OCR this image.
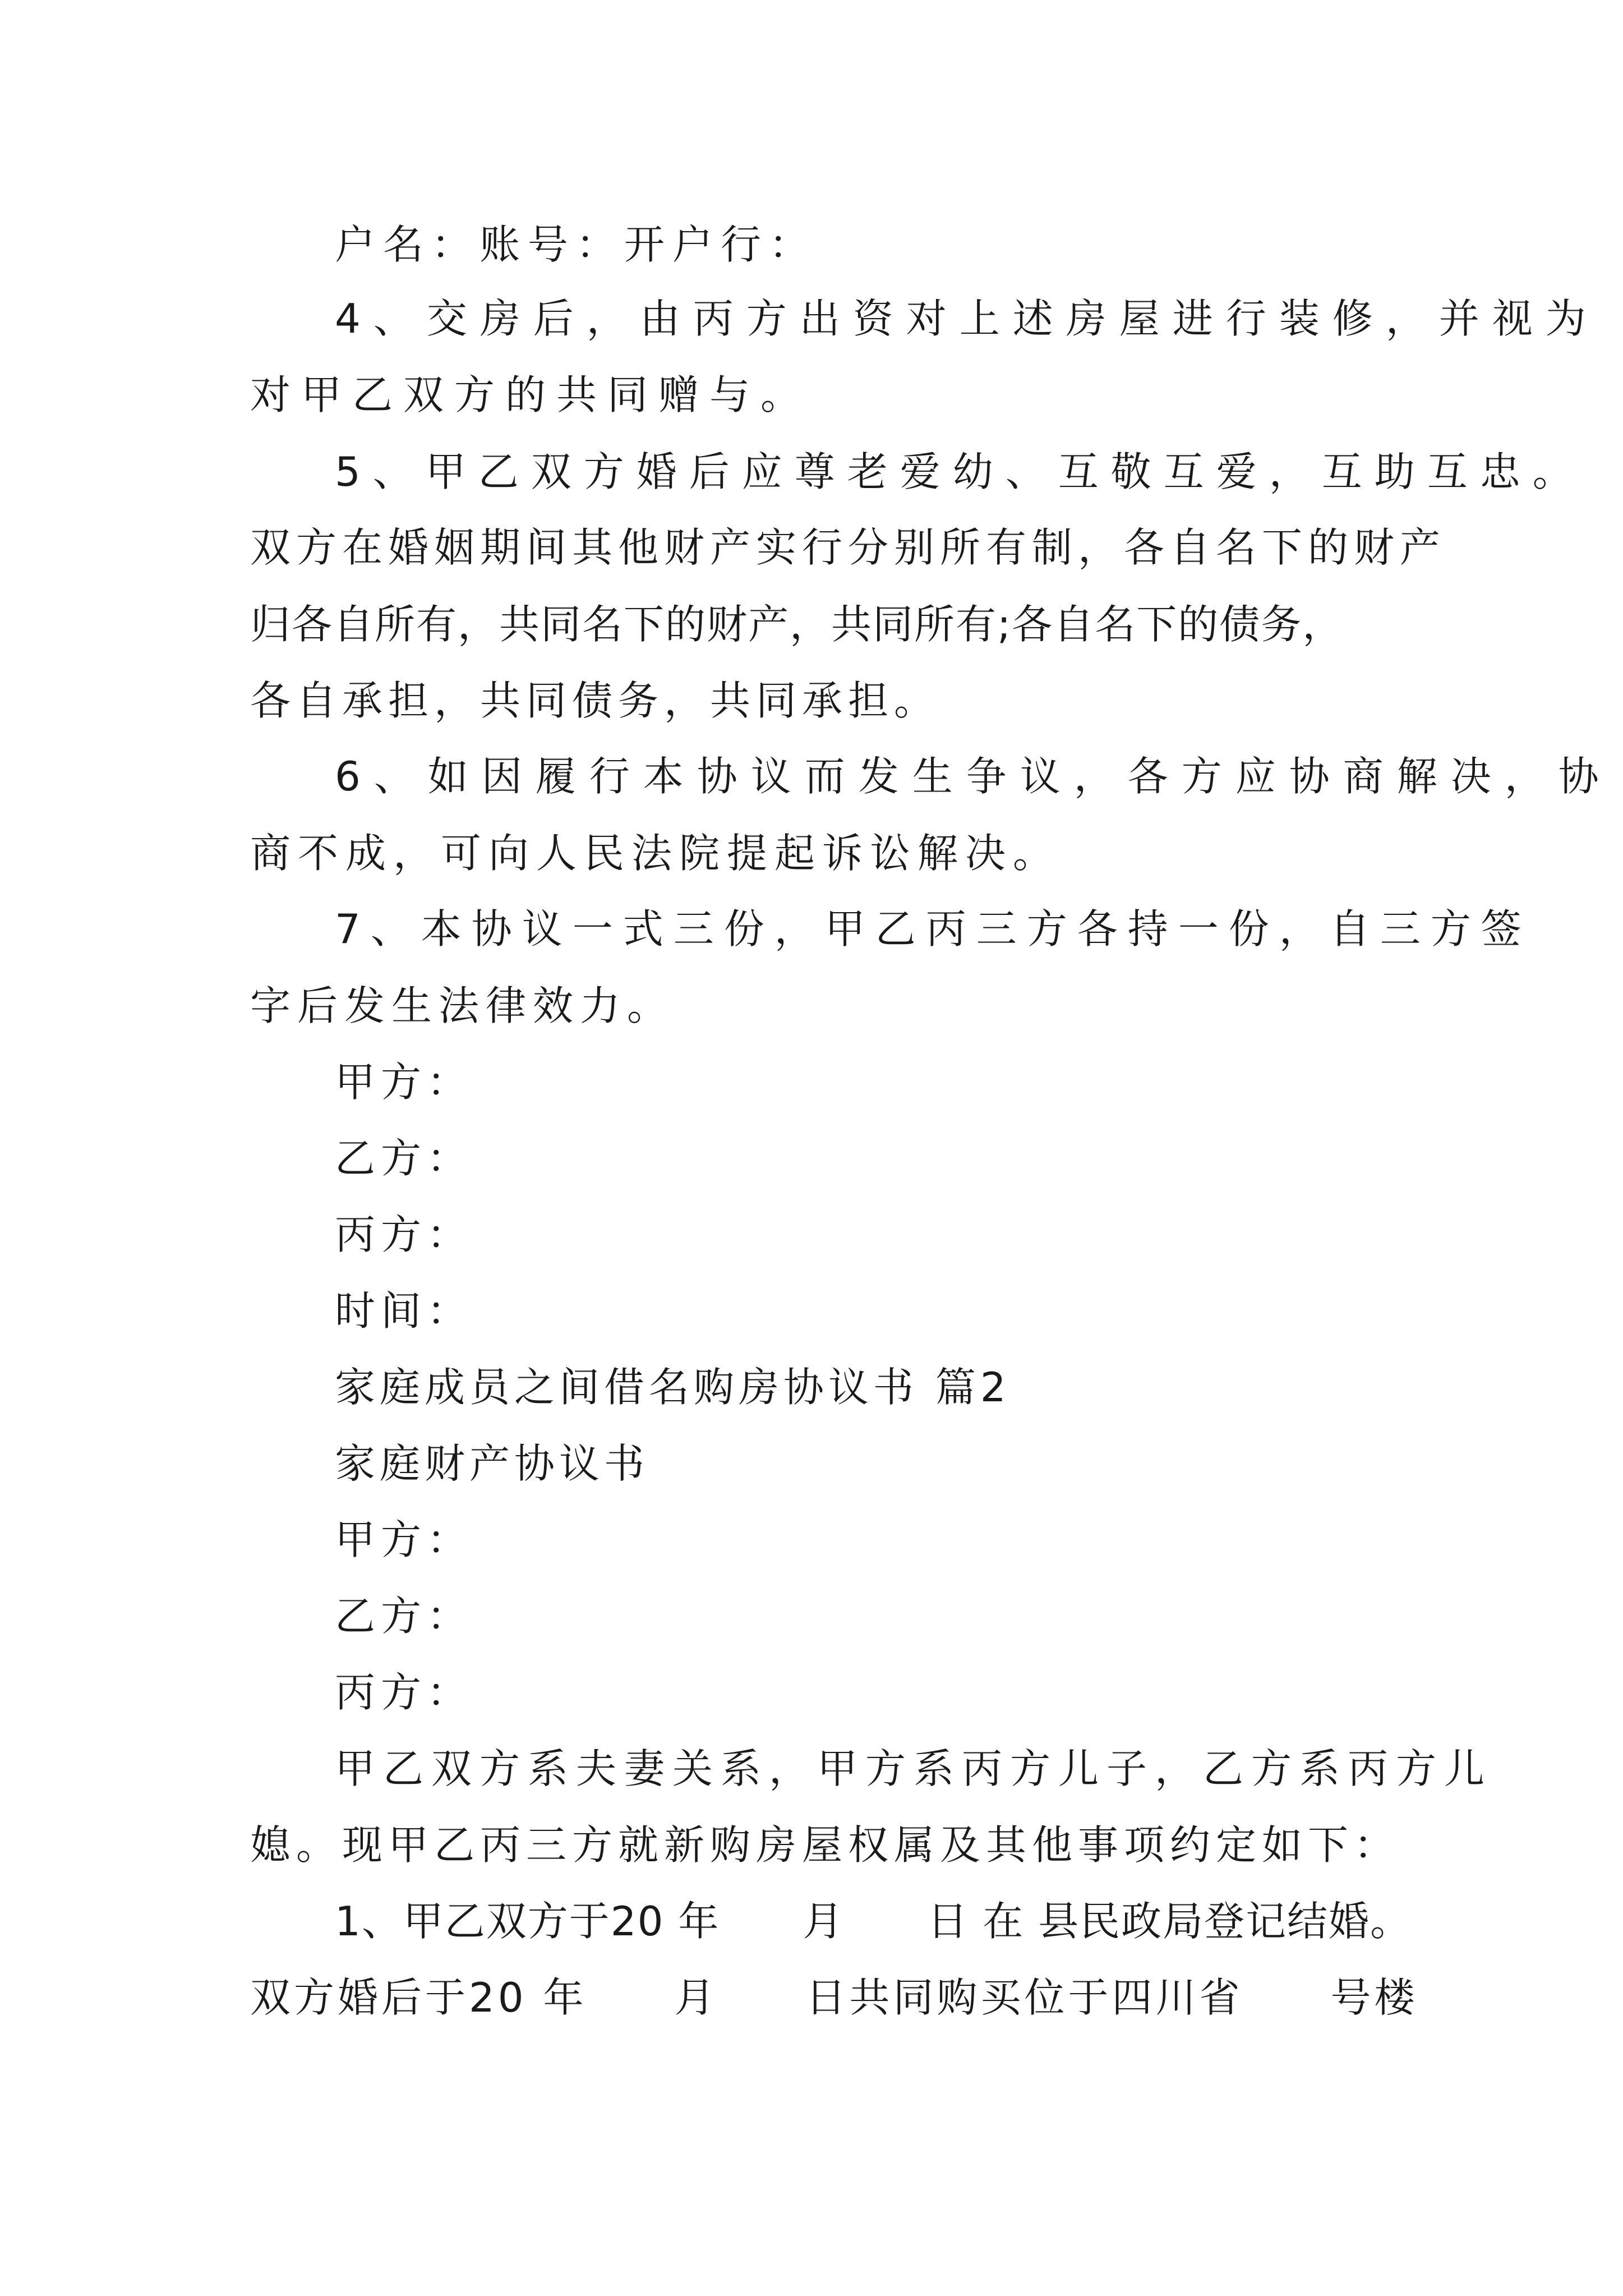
户名：账号：开户行：
4、交房后，由丙方出资对上述房屋进行装修，并视为
对甲乙双方的共同赠与。
5、甲乙双方婚后应尊老爱幼、互敬互爱，互助互忠。
双方在婚姻期间其他财产实行分别所有制，各自名下的财产
归各自所有，共同名下的财产，共同所有;各自名下的债务，
各自承担，共同债务，共同承担。
6、如因履行本协议而发生争议，各方应协商解决，协
商不成，可向人民法院提起诉讼解决。
7、本协议一式三份，甲乙丙三方各持一份，自三方签
字后发生法律效力。
甲方：
乙方：
丙方：
时间：
家庭成员之间借名购房协议书 篇2
家庭财产协议书
甲方：
乙方：
丙方：
甲乙双方系夫妻关系，甲方系丙方儿子，乙方系丙方儿
媳。现甲乙丙三方就新购房屋权属及其他事项约定如下：
1、甲乙双方于20 年　　月　　日 在 县民政局登记结婚。
双方婚后于20 年　　月　　日共同购买位于四川省　　号楼
